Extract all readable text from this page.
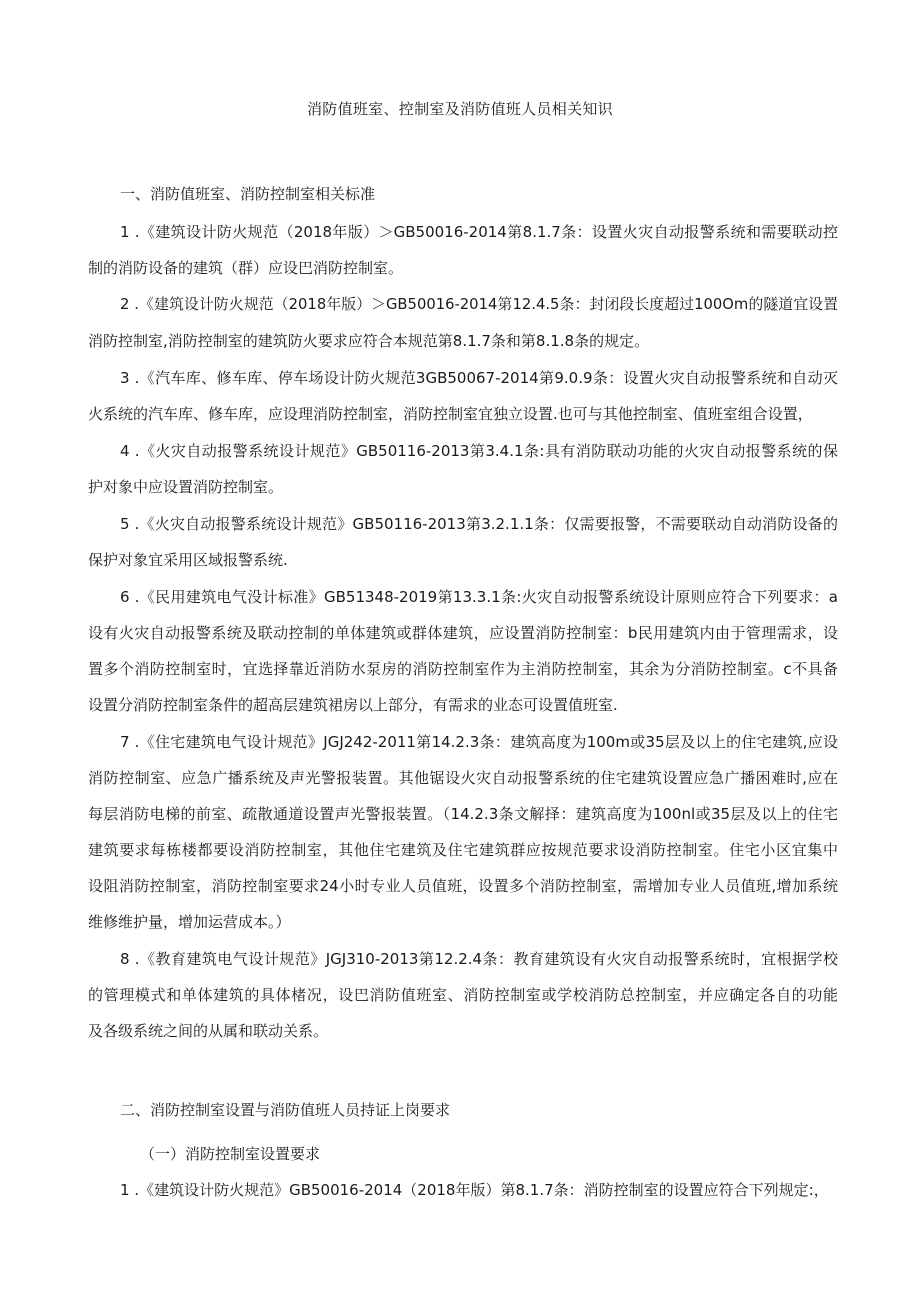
消防值班室、控制室及消防值班人员相关知识
一、消防值班室、消防控制室相关标准
1 .《建筑设计防火规范（2018年版）＞GB50016-2014第8.1.7条：设置火灾自动报警系统和需要联动控
制的消防设备的建筑（群）应设巴消防控制室。
2 .《建筑设计防火规范（2018年版）＞GB50016-2014第12.4.5条：封闭段长度超过100Om的隧道宜设置
消防控制室,消防控制室的建筑防火要求应符合本规范第8.1.7条和第8.1.8条的规定。
3 .《汽车库、修车库、停车场设计防火规范3GB50067-2014第9.0.9条：设置火灾自动报警系统和自动灭
火系统的汽车库、修车库，应设理消防控制室，消防控制室宜独立设置.也可与其他控制室、值班室组合设置，
4 .《火灾自动报警系统设计规范》GB50116-2013第3.4.1条:具有消防联动功能的火灾自动报警系统的保
护对象中应设置消防控制室。
5 .《火灾自动报警系统设计规范》GB50116-2013第3.2.1.1条：仅需要报警，不需要联动自动消防设备的
保护对象宜采用区域报警系统.
6 .《民用建筑电气没计标准》GB51348-2019第13.3.1条:火灾自动报警系统设计原则应符合下列要求：a
设有火灾自动报警系统及联动控制的单体建筑或群体建筑，应设置消防控制室：b民用建筑内由于管理需求，设
置多个消防控制室时，宜选择靠近消防水泵房的消防控制室作为主消防控制室，其余为分消防控制室。c不具备
设置分消防控制室条件的超高层建筑裙房以上部分，有需求的业态可设置值班室.
7 .《住宅建筑电气设计规范》JGJ242-2011第14.2.3条：建筑高度为100m或35层及以上的住宅建筑,应设
消防控制室、应急广播系统及声光警报装置。其他锯设火灾自动报警系统的住宅建筑设置应急广播困难时,应在
每层消防电梯的前室、疏散通道设置声光警报装置。（14.2.3条文解择：建筑高度为100nl或35层及以上的住宅
建筑要求每栋楼都要设消防控制室，其他住宅建筑及住宅建筑群应按规范要求设消防控制室。住宅小区宜集中
设阻消防控制室，消防控制室要求24小时专业人员值班，设置多个消防控制室，需增加专业人员值班,增加系统
维修维护量，增加运营成本。）
8 .《教育建筑电气设计规范》JGJ310-2013第12.2.4条：教育建筑设有火灾自动报警系统时，宜根据学校
的管理模式和单体建筑的具体楮况，设巴消防值班室、消防控制室或学校消防总控制室，并应确定各自的功能
及各级系统之间的从属和联动关系。
二、消防控制室设置与消防值班人员持证上岗要求
（一）消防控制室设置要求
1 .《建筑设计防火规范》GB50016-2014（2018年版）第8.1.7条：消防控制室的设置应符合下列规定:，
